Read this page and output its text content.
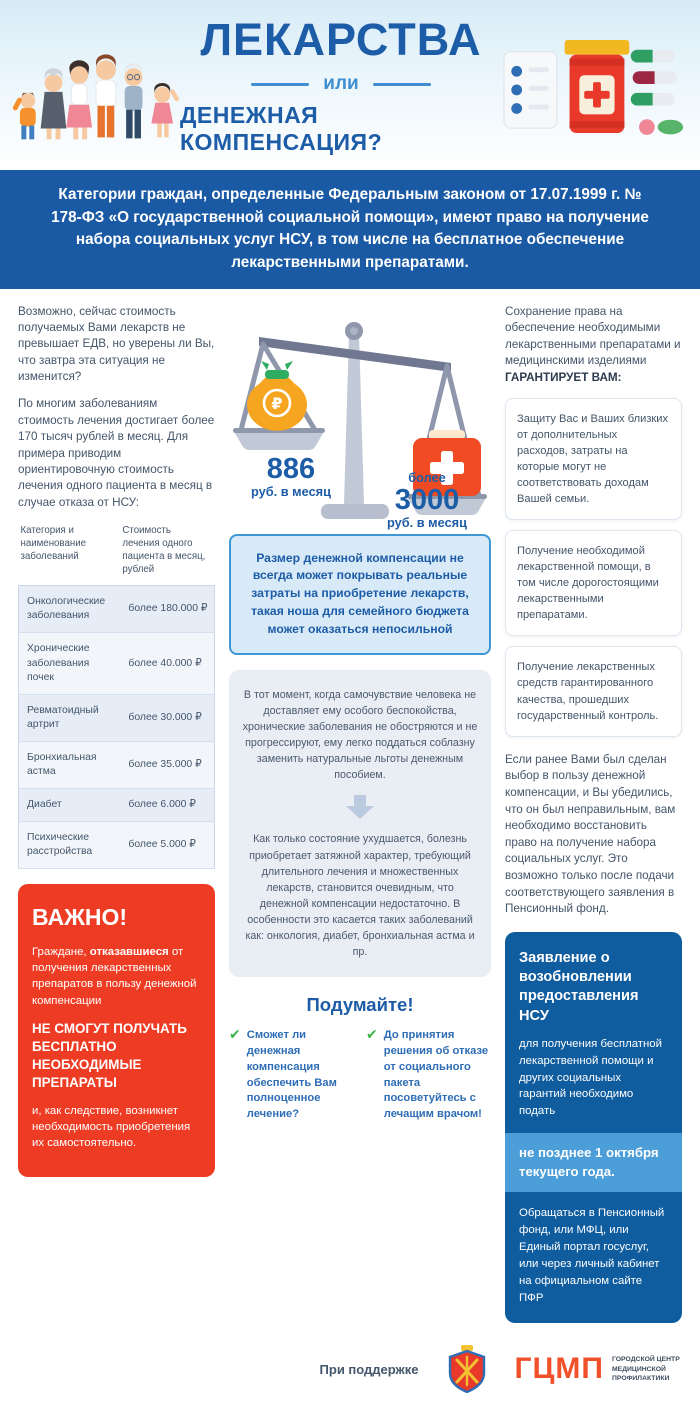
ЛЕКАРСТВА
или
ДЕНЕЖНАЯ КОМПЕНСАЦИЯ?
Категории граждан, определенные Федеральным законом от 17.07.1999 г. № 178-ФЗ «О государственной социальной помощи», имеют право на получение набора социальных услуг НСУ, в том числе на бесплатное обеспечение лекарственными препаратами.

Возможно, сейчас стоимость получаемых Вами лекарств не превышает ЕДВ, но уверены ли Вы, что завтра эта ситуация не изменится?

По многим заболеваниям стоимость лечения достигает более 170 тысяч рублей в месяц. Для примера приводим ориентировочную стоимость лечения одного пациента в месяц в случае отказа от НСУ:

Категория и наименование заболеваний	Стоимость лечения одного пациента в месяц, рублей
Онкологические заболевания	более 180.000 ₽
Хронические заболевания почек	более 40.000 ₽
Ревматоидный артрит	более 30.000 ₽
Бронхиальная астма	более 35.000 ₽
Диабет	более 6.000 ₽
Психические расстройства	более 5.000 ₽
ВАЖНО!

Граждане, отказавшиеся от получения лекарственных препаратов в пользу денежной компенсации

НЕ СМОГУТ ПОЛУЧАТЬ БЕСПЛАТНО НЕОБХОДИМЫЕ ПРЕПАРАТЫ

и, как следствие, возникнет необходимость приобретения их самостоятельно.

₽
886
руб. в месяц
более
3000
руб. в месяц
Размер денежной компенсации не всегда может покрывать реальные затраты на приобретение лекарств, такая ноша для семейного бюджета может оказаться непосильной

В тот момент, когда самочувствие человека не доставляет ему особого беспокойства, хронические заболевания не обостряются и не прогрессируют, ему легко поддаться соблазну заменить натуральные льготы денежным пособием.

Как только состояние ухудшается, болезнь приобретает затяжной характер, требующий длительного лечения и множественных лекарств, становится очевидным, что денежной компенсации недостаточно. В особенности это касается таких заболеваний как: онкология, диабет, бронхиальная астма и пр.

Подумайте!
✔ Сможет ли денежная компенсация обеспечить Вам полноценное лечение?
✔ До принятия решения об отказе от социального пакета посоветуйтесь с лечащим врачом!

Сохранение права на обеспечение необходимыми лекарственными препаратами и медицинскими изделиями ГАРАНТИРУЕТ ВАМ:

Защиту Вас и Ваших близких от дополнительных расходов, затраты на которые могут не соответствовать доходам Вашей семьи.
Получение необходимой лекарственной помощи, в том числе дорогостоящими лекарственными препаратами.
Получение лекарственных средств гарантированного качества, прошедших государственный контроль.

Если ранее Вами был сделан выбор в пользу денежной компенсации, и Вы убедились, что он был неправильным, вам необходимо восстановить право на получение набора социальных услуг. Это возможно только после подачи соответствующего заявления в Пенсионный фонд.

Заявление о возобновлении предоставления НСУ
для получения бесплатной лекарственной помощи и других социальных гарантий необходимо подать
не позднее 1 октября текущего года.
Обращаться в Пенсионный фонд, или МФЦ, или Единый портал госуслуг, или через личный кабинет на официальном сайте ПФР
При поддержке	ГЦМП ГОРОДСКОЙ ЦЕНТР МЕДИЦИНСКОЙ ПРОФИЛАКТИКИ
